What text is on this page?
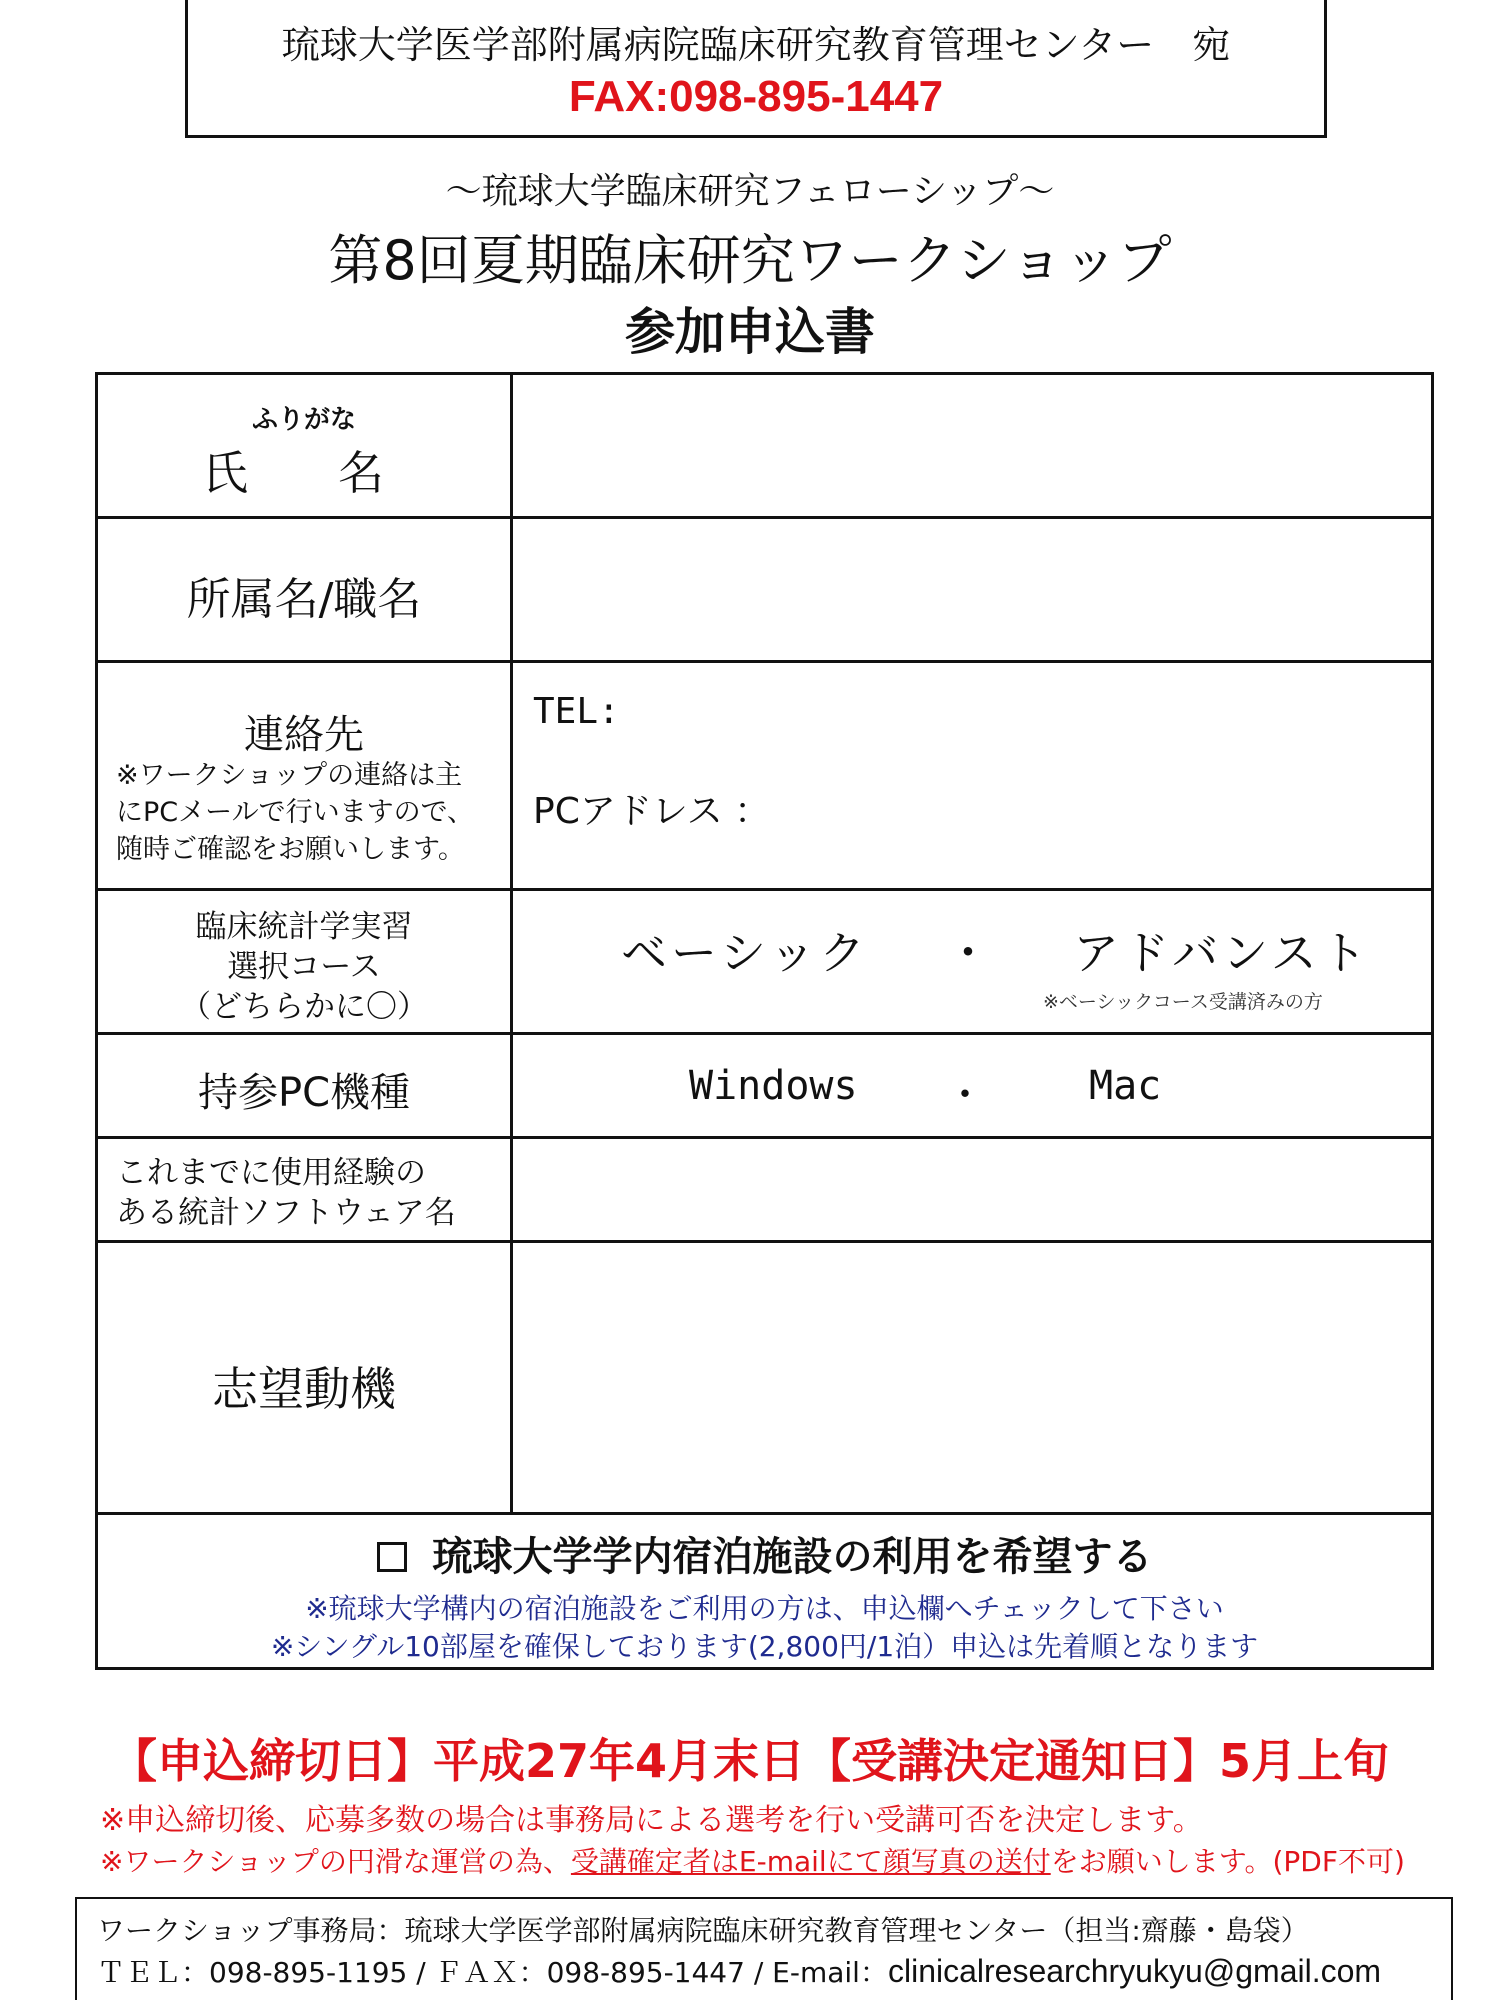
琉球大学医学部附属病院臨床研究教育管理センター　宛
FAX:098-895-1447
～琉球大学臨床研究フェローシップ～
第8回夏期臨床研究ワークショップ
参加申込書
ふりがな
氏　名
所属名/職名
連絡先
※ワークショップの連絡は主
にPCメールで行いますので、
随時ご確認をお願いします。
TEL:
PCアドレス ：
臨床統計学実習
選択コース
（どちらかに〇）
ベーシック ・ アドバンスト
※ベーシックコース受講済みの方
持参PC機種	Windows ・	Mac
これまでに使用経験の
ある統計ソフトウェア名
志望動機
琉球大学学内宿泊施設の利用を希望する
※琉球大学構内の宿泊施設をご利用の方は、申込欄へチェックして下さい
※シングル10部屋を確保しております(2,800円/1泊）申込は先着順となります
【申込締切日】平成27年4月末日【受講決定通知日】5月上旬
※申込締切後、応募多数の場合は事務局による選考を行い受講可否を決定します。
※ワークショップの円滑な運営の為、受講確定者はE-mailにて顔写真の送付をお願いします。(PDF不可)
ワークショップ事務局：琉球大学医学部附属病院臨床研究教育管理センター（担当:齋藤・島袋）
ＴＥＬ：098-895-1195 / ＦＡＸ：098-895-1447 / E-mail：clinicalresearchryukyu@gmail.com
